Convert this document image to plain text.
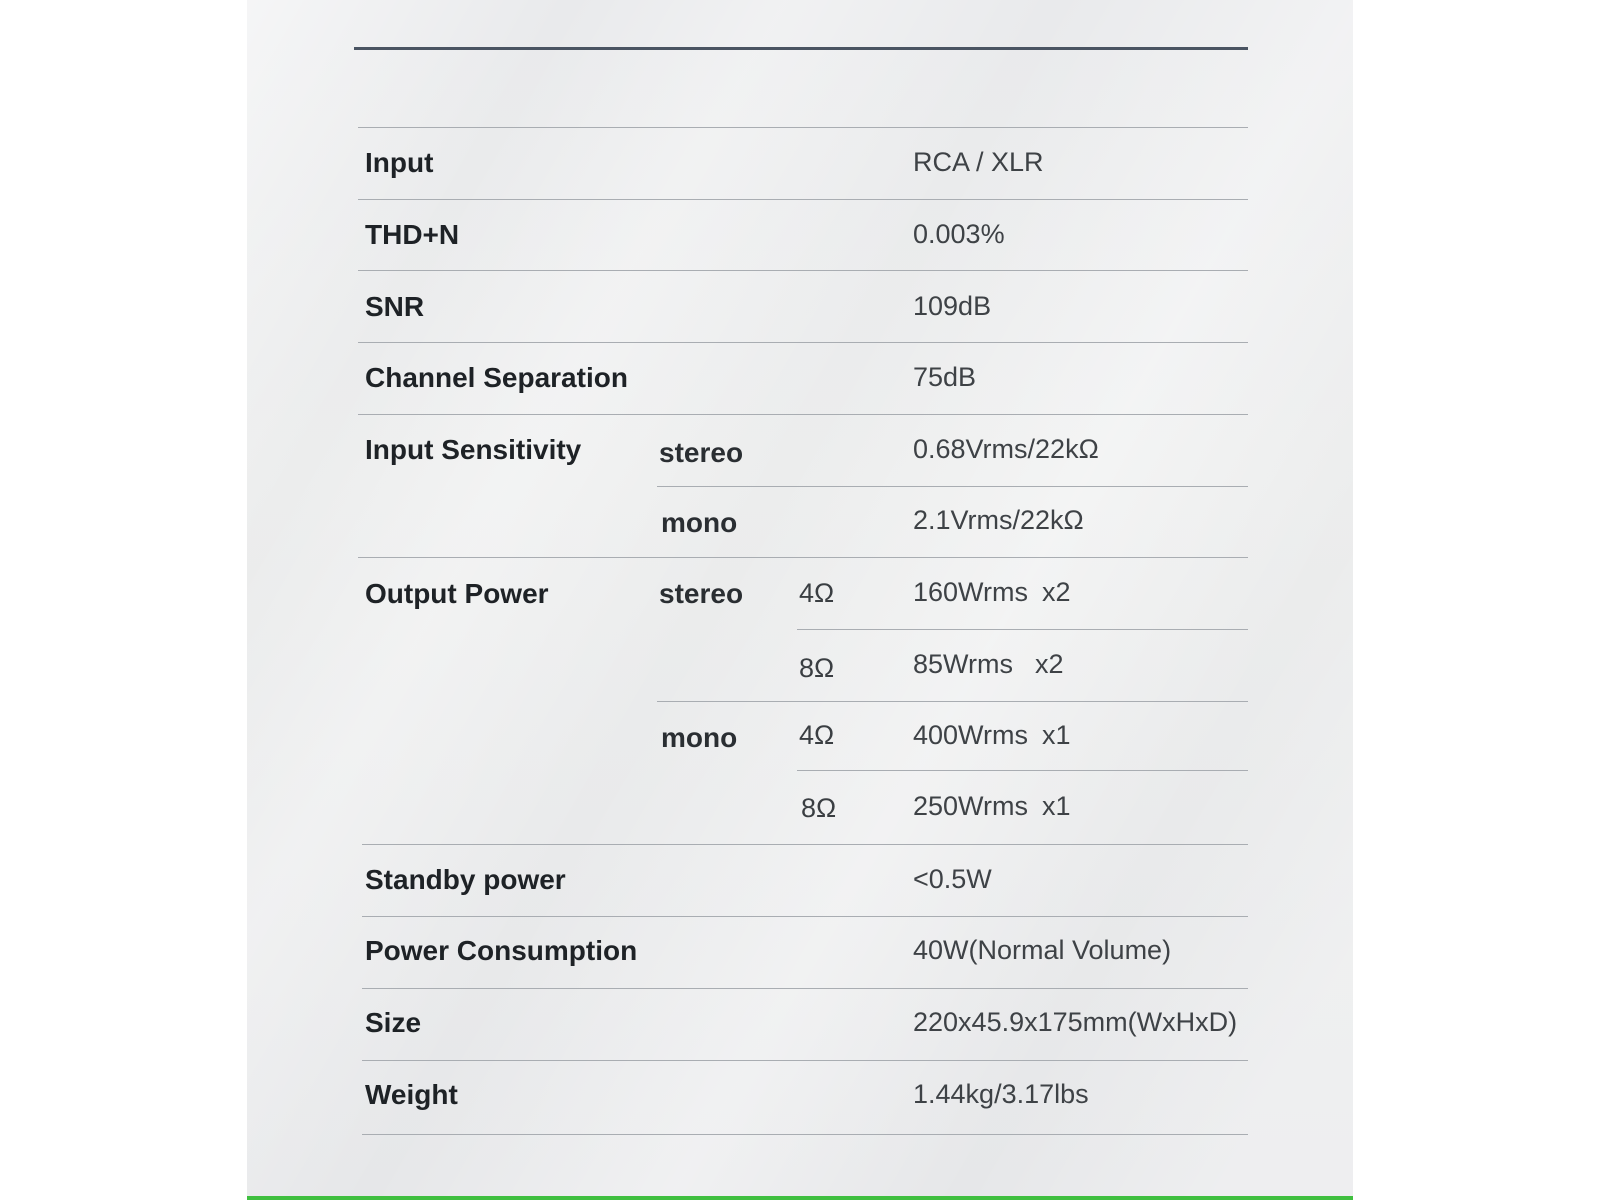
Input	RCA / XLR
THD+N	0.003%
SNR	109dB
Channel Separation	75dB
Input Sensitivity	stereo	0.68Vrms/22kΩ
mono	2.1Vrms/22kΩ
Output Power	stereo 4Ω	160Wrms x2
8Ω	85Wrms x2
mono 4Ω	400Wrms x1
8Ω	250Wrms x1
Standby power	<0.5W
Power Consumption	40W(Normal Volume)
Size	220x45.9x175mm(WxHxD)
Weight	1.44kg/3.17lbs
